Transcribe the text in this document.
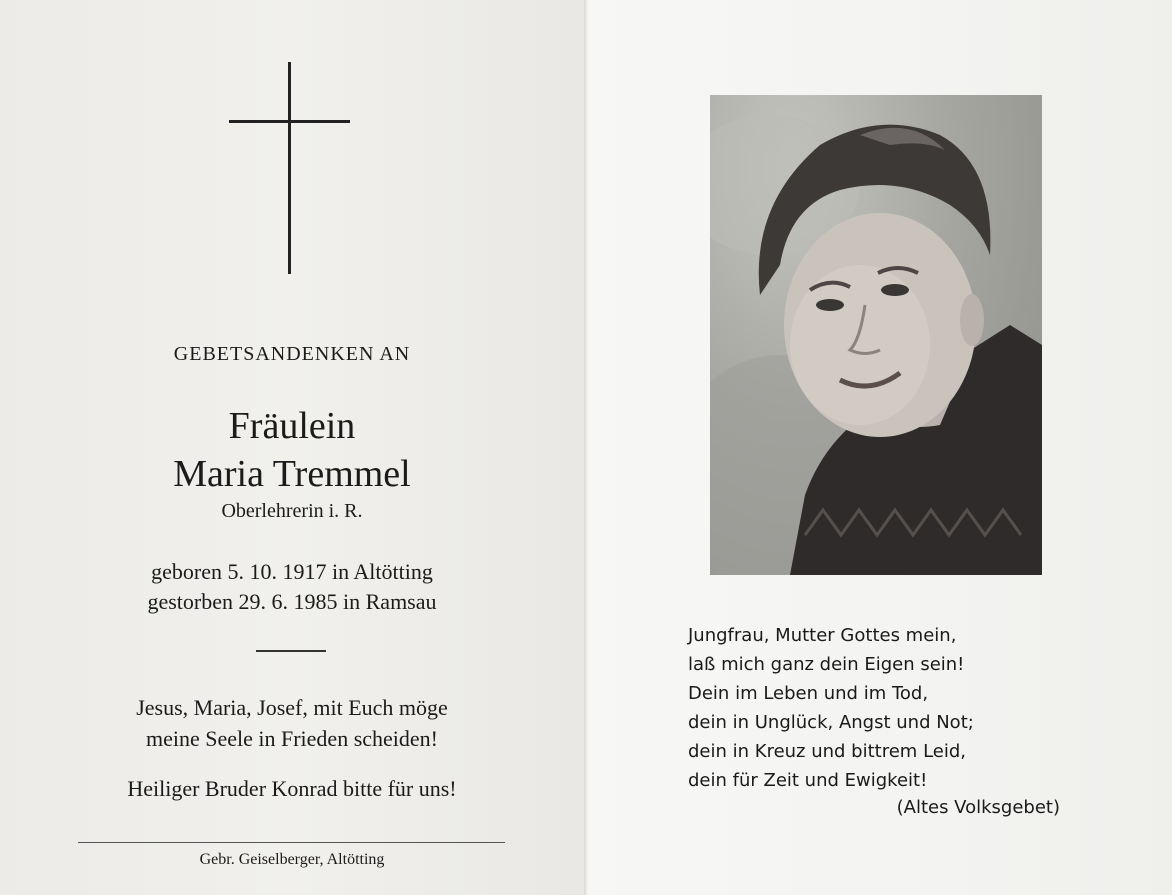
GEBETSANDENKEN AN
Fräulein
Maria Tremmel
Oberlehrerin i. R.
geboren 5. 10. 1917 in Altötting
gestorben 29. 6. 1985 in Ramsau
Jesus, Maria, Josef, mit Euch möge
meine Seele in Frieden scheiden!
Heiliger Bruder Konrad bitte für uns!
Gebr. Geiselberger, Altötting
Jungfrau, Mutter Gottes mein,
laß mich ganz dein Eigen sein!
Dein im Leben und im Tod,
dein in Unglück, Angst und Not;
dein in Kreuz und bittrem Leid,
dein für Zeit und Ewigkeit!
(Altes Volksgebet)
